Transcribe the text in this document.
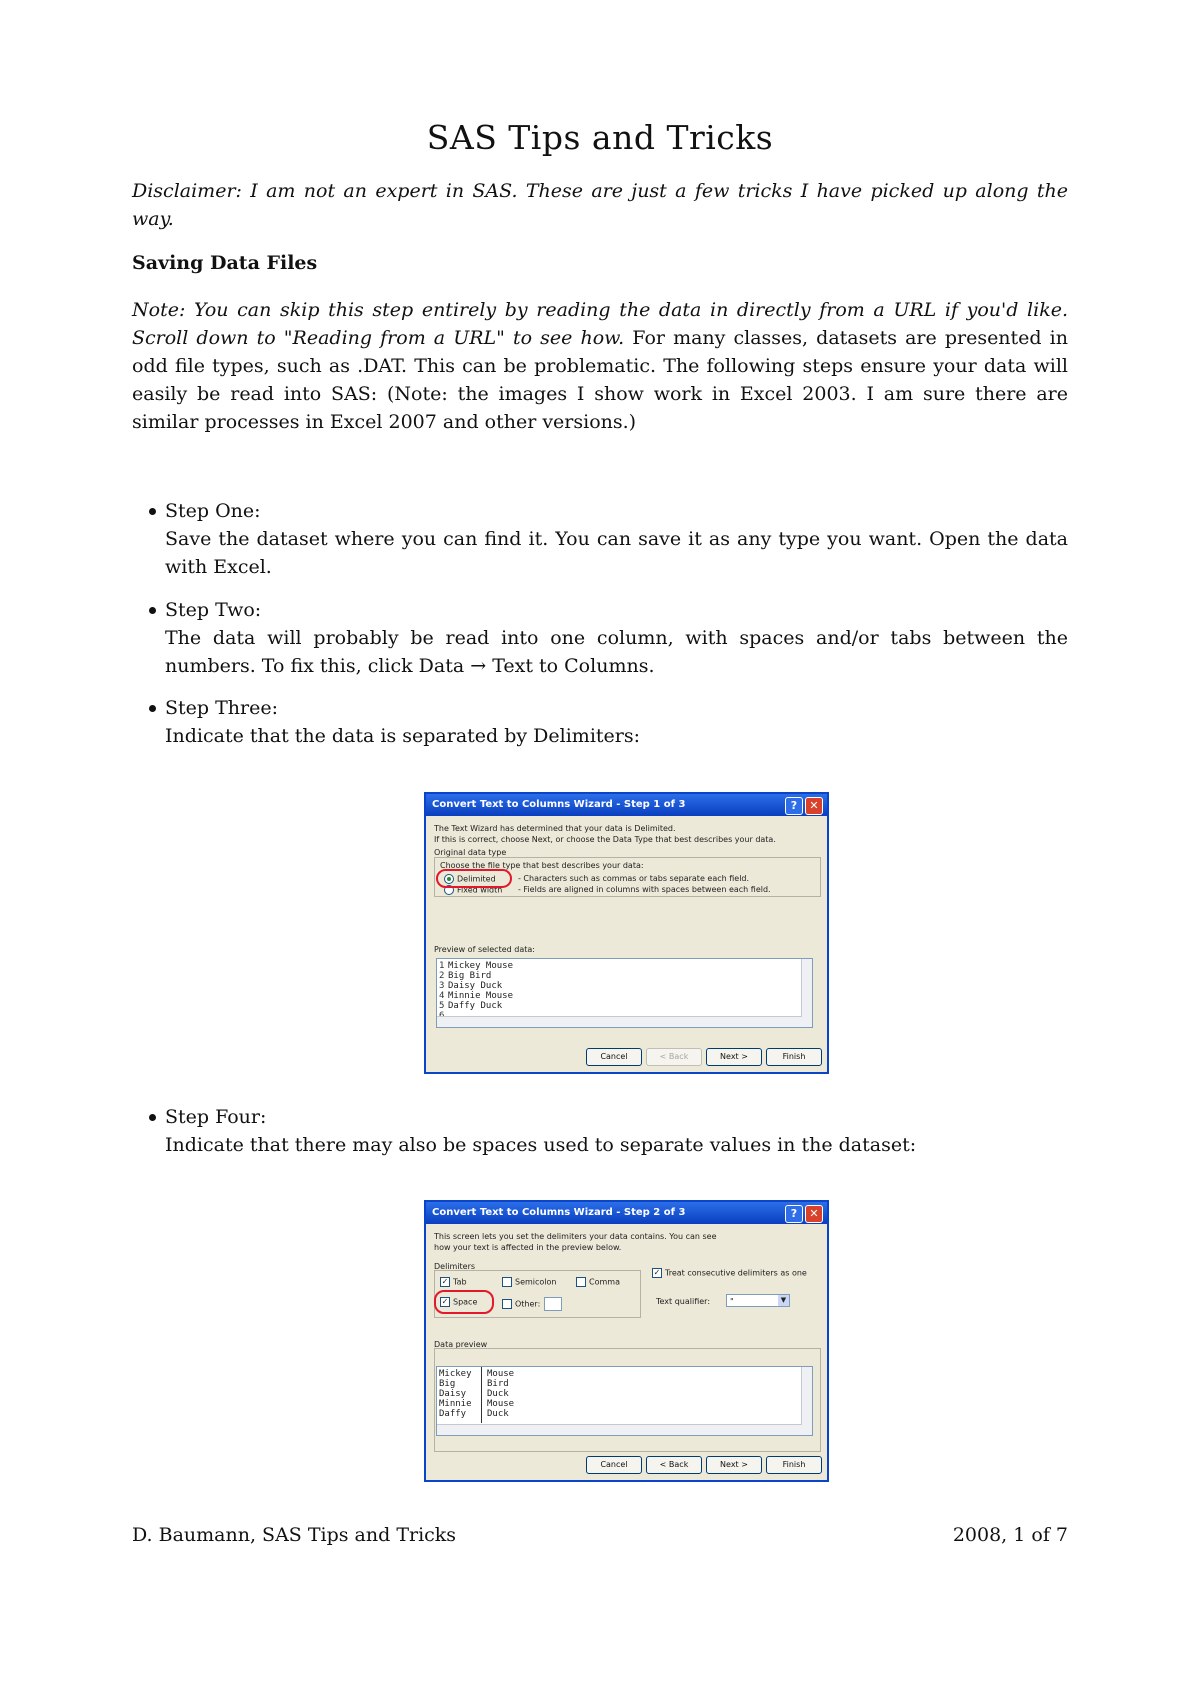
SAS Tips and Tricks
Disclaimer: I am not an expert in SAS. These are just a few tricks I have picked up along the way.
Saving Data Files
Note: You can skip this step entirely by reading the data in directly from a URL if you'd like. Scroll down to "Reading from a URL" to see how. For many classes, datasets are presented in odd file types, such as .DAT. This can be problematic. The following steps ensure your data will easily be read into SAS: (Note: the images I show work in Excel 2003. I am sure there are similar processes in Excel 2007 and other versions.)
Step One:
Save the dataset where you can find it. You can save it as any type you want. Open the data with Excel.
Step Two:
The data will probably be read into one column, with spaces and/or tabs between the numbers. To fix this, click Data → Text to Columns.
Step Three:
Indicate that the data is separated by Delimiters:
Convert Text to Columns Wizard - Step 1 of 3	?	✕
The Text Wizard has determined that your data is Delimited.
If this is correct, choose Next, or choose the Data Type that best describes your data.
Original data type
Choose the file type that best describes your data:
Delimited	- Characters such as commas or tabs separate each field.
Fixed width - Fields are aligned in columns with spaces between each field.
Preview of selected data:
1 Mickey Mouse
2 Big Bird
3 Daisy Duck
4 Minnie Mouse
5 Daffy Duck
Cancel	< Back	Next >	Finish
Step Four:
Indicate that there may also be spaces used to separate values in the dataset:
Convert Text to Columns Wizard - Step 2 of 3	?	✕
This screen lets you set the delimiters your data contains. You can see
how your text is affected in the preview below.
Delimiters
✓ Tab	Semicolon	Comma
✓ Space	Other:
✓ Treat consecutive delimiters as one
Text qualifier:	"	▼
Data preview
Mickey Mouse
Big	Bird
Daisy Duck
Minnie Mouse
Daffy Duck
Cancel	< Back	Next >	Finish
D. Baumann, SAS Tips and Tricks	2008, 1 of 7
